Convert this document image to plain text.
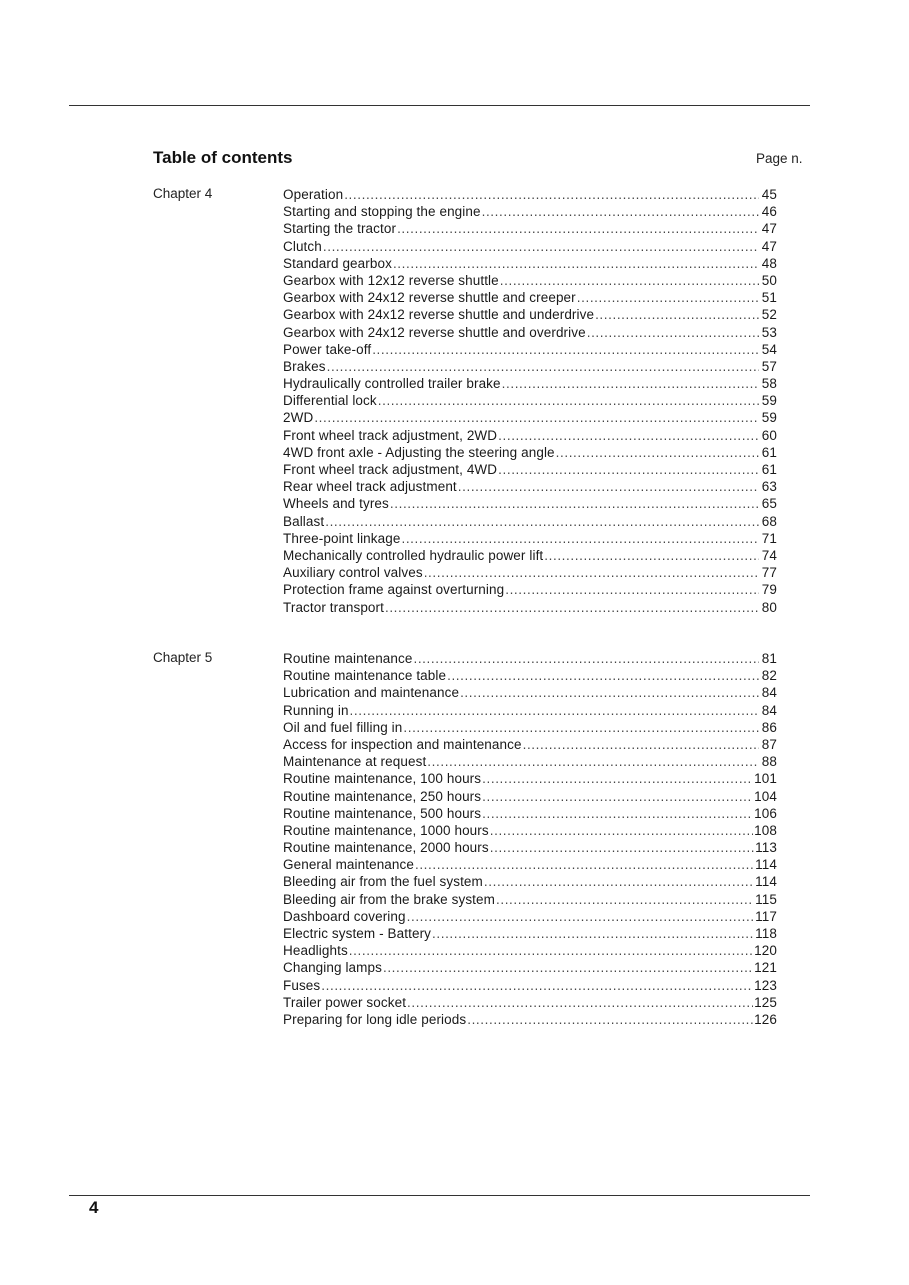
Table of contents	Page n.
Chapter 4	Operation .....	45
Starting and stopping the engine .....	46
Starting the tractor .....	47
Clutch .....	47
Standard gearbox .....	48
Gearbox with 12x12 reverse shuttle .....	50
Gearbox with 24x12 reverse shuttle and creeper .....	51
Gearbox with 24x12 reverse shuttle and underdrive .....	52
Gearbox with 24x12 reverse shuttle and overdrive .....	53
Power take-off .....	54
Brakes .....	57
Hydraulically controlled trailer brake .....	58
Differential lock .....	59
2WD .....	59
Front wheel track adjustment, 2WD .....	60
4WD front axle - Adjusting the steering angle .....	61
Front wheel track adjustment, 4WD .....	61
Rear wheel track adjustment .....	63
Wheels and tyres .....	65
Ballast .....	68
Three-point linkage .....	71
Mechanically controlled hydraulic power lift .....	74
Auxiliary control valves .....	77
Protection frame against overturning .....	79
Tractor transport .....	80
Chapter 5	Routine maintenance .....	81
Routine maintenance table .....	82
Lubrication and maintenance .....	84
Running in .....	84
Oil and fuel filling in .....	86
Access for inspection and maintenance .....	87
Maintenance at request .....	88
Routine maintenance, 100 hours .....	101
Routine maintenance, 250 hours .....	104
Routine maintenance, 500 hours .....	106
Routine maintenance, 1000 hours .....	108
Routine maintenance, 2000 hours .....	113
General maintenance .....	114
Bleeding air from the fuel system .....	114
Bleeding air from the brake system .....	115
Dashboard covering .....	117
Electric system - Battery .....	118
Headlights .....	120
Changing lamps .....	121
Fuses .....	123
Trailer power socket .....	125
Preparing for long idle periods .....	126
4
